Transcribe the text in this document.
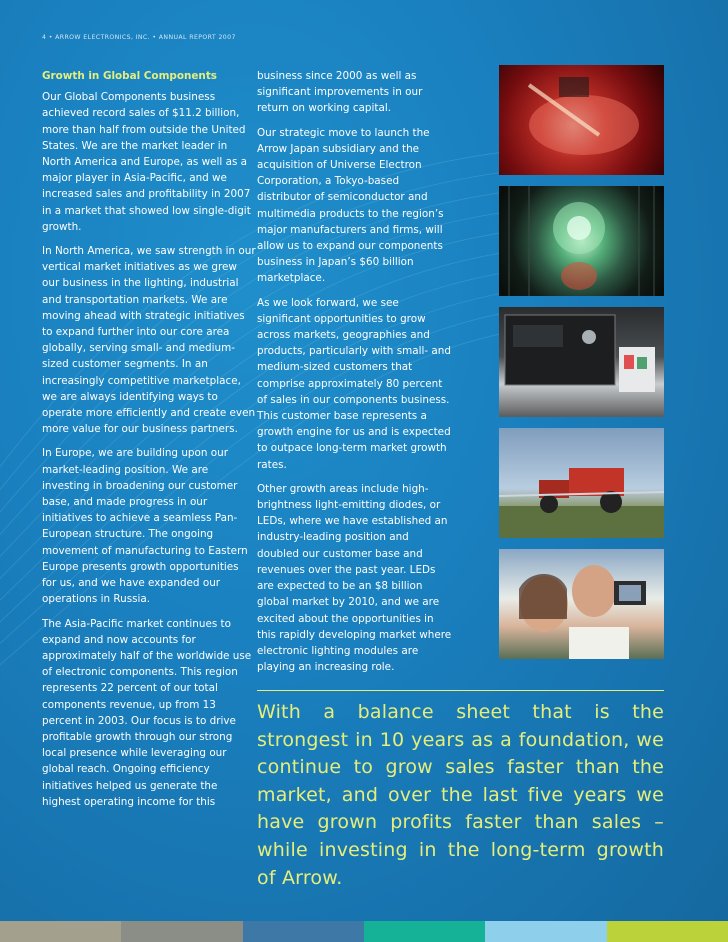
4 • ARROW ELECTRONICS, INC. • ANNUAL REPORT 2007

Growth in Global Components

Our Global Components business achieved record sales of $11.2 billion, more than half from outside the United States. We are the market leader in North America and Europe, as well as a major player in Asia-Pacific, and we increased sales and profitability in 2007 in a market that showed low single-digit growth.

In North America, we saw strength in our vertical market initiatives as we grew our business in the lighting, industrial and transportation markets. We are moving ahead with strategic initiatives to expand further into our core area globally, serving small- and medium-sized customer segments. In an increasingly competitive marketplace, we are always identifying ways to operate more efficiently and create even more value for our business partners.

In Europe, we are building upon our market-leading position. We are investing in broadening our customer base, and made progress in our initiatives to achieve a seamless Pan-European structure. The ongoing movement of manufacturing to Eastern Europe presents growth opportunities for us, and we have expanded our operations in Russia.

The Asia-Pacific market continues to expand and now accounts for approximately half of the worldwide use of electronic components. This region represents 22 percent of our total components revenue, up from 13 percent in 2003. Our focus is to drive profitable growth through our strong local presence while leveraging our global reach. Ongoing efficiency initiatives helped us generate the highest operating income for this

business since 2000 as well as significant improvements in our return on working capital.

Our strategic move to launch the Arrow Japan subsidiary and the acquisition of Universe Electron Corporation, a Tokyo-based distributor of semiconductor and multimedia products to the region’s major manufacturers and firms, will allow us to expand our components business in Japan’s $60 billion marketplace.

As we look forward, we see significant opportunities to grow across markets, geographies and products, particularly with small- and medium-sized customers that comprise approximately 80 percent of sales in our components business. This customer base represents a growth engine for us and is expected to outpace long-term market growth rates.

Other growth areas include high-brightness light-emitting diodes, or LEDs, where we have established an industry-leading position and doubled our customer base and revenues over the past year. LEDs are expected to be an $8 billion global market by 2010, and we are excited about the opportunities in this rapidly developing market where electronic lighting modules are playing an increasing role.

With a balance sheet that is the strongest in 10 years as a foundation, we continue to grow sales faster than the market, and over the last five years we have grown profits faster than sales – while investing in the long-term growth of Arrow.
